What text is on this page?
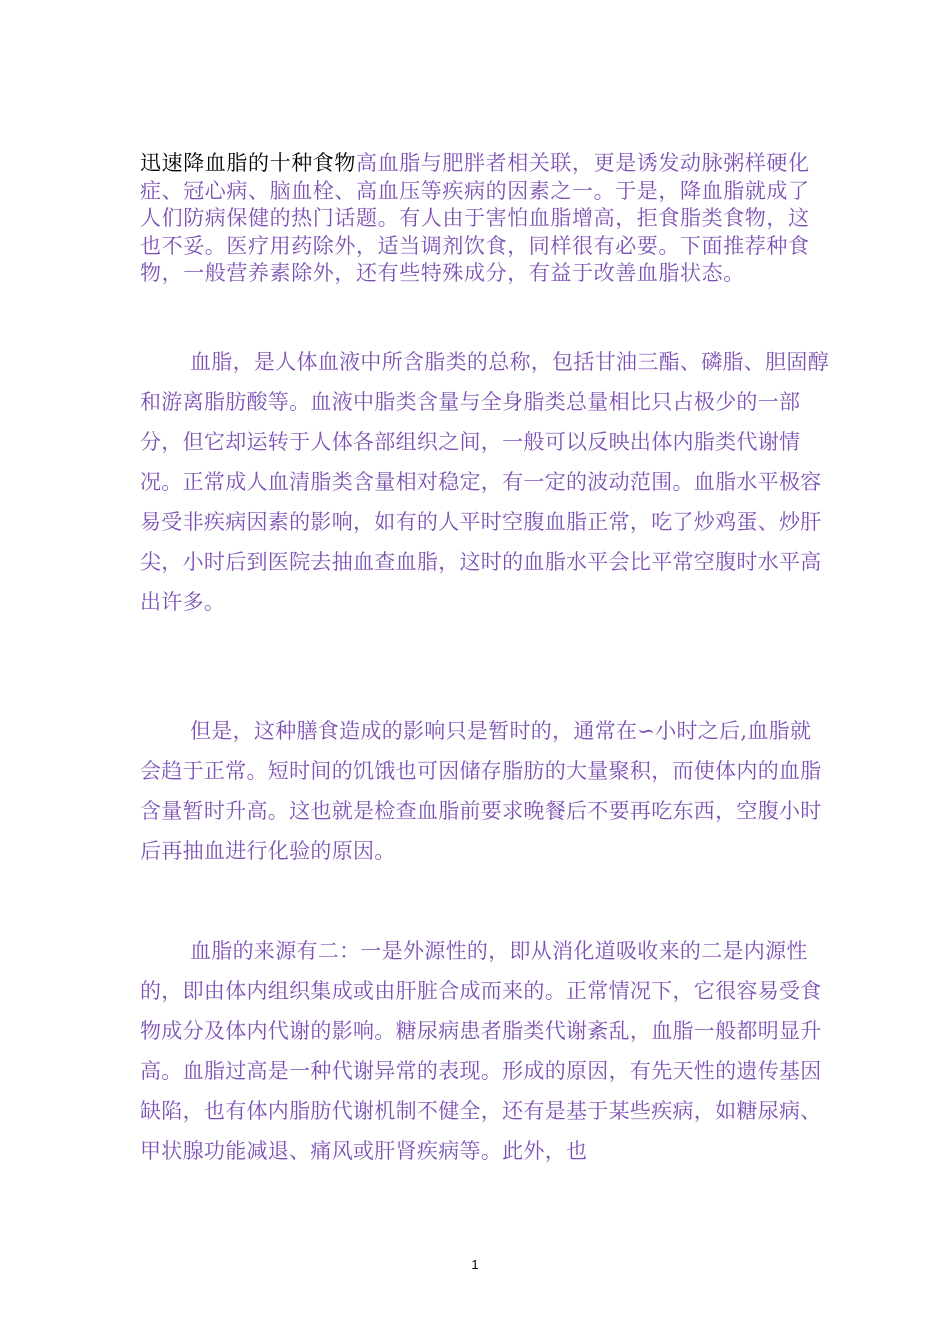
迅速降血脂的十种食物高血脂与肥胖者相关联，更是诱发动脉粥样硬化症、冠心病、脑血栓、高血压等疾病的因素之一。于是，降血脂就成了人们防病保健的热门话题。有人由于害怕血脂增高，拒食脂类食物，这也不妥。医疗用药除外，适当调剂饮食，同样很有必要。下面推荐种食物，一般营养素除外，还有些特殊成分，有益于改善血脂状态。

血脂，是人体血液中所含脂类的总称，包括甘油三酯、磷脂、胆固醇和游离脂肪酸等。血液中脂类含量与全身脂类总量相比只占极少的一部分，但它却运转于人体各部组织之间，一般可以反映出体内脂类代谢情况。正常成人血清脂类含量相对稳定，有一定的波动范围。血脂水平极容易受非疾病因素的影响，如有的人平时空腹血脂正常，吃了炒鸡蛋、炒肝尖，小时后到医院去抽血查血脂，这时的血脂水平会比平常空腹时水平高出许多。

但是，这种膳食造成的影响只是暂时的，通常在∽小时之后,血脂就会趋于正常。短时间的饥饿也可因储存脂肪的大量聚积，而使体内的血脂含量暂时升高。这也就是检查血脂前要求晚餐后不要再吃东西，空腹小时后再抽血进行化验的原因。

血脂的来源有二：一是外源性的，即从消化道吸收来的二是内源性的，即由体内组织集成或由肝脏合成而来的。正常情况下，它很容易受食物成分及体内代谢的影响。糖尿病患者脂类代谢紊乱，血脂一般都明显升高。血脂过高是一种代谢异常的表现。形成的原因，有先天性的遗传基因缺陷，也有体内脂肪代谢机制不健全，还有是基于某些疾病，如糖尿病、甲状腺功能减退、痛风或肝肾疾病等。此外，也

1
